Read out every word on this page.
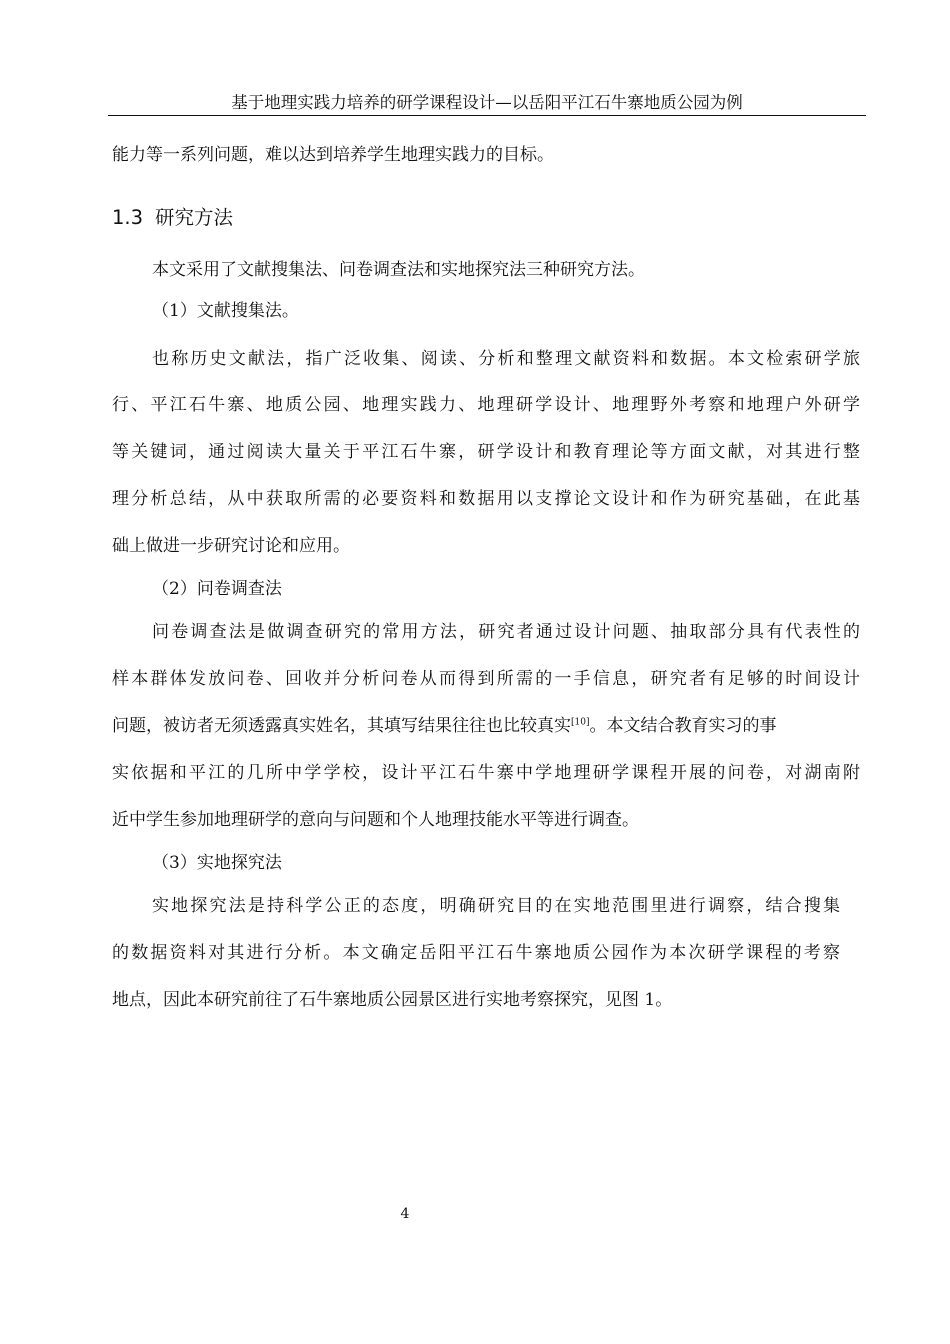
基于地理实践力培养的研学课程设计—以岳阳平江石牛寨地质公园为例
能力等一系列问题，难以达到培养学生地理实践力的目标。
1.3 研究方法
本文采用了文献搜集法、问卷调查法和实地探究法三种研究方法。
（1）文献搜集法。
也称历史文献法，指广泛收集、阅读、分析和整理文献资料和数据。本文检索研学旅
行、平江石牛寨、地质公园、地理实践力、地理研学设计、地理野外考察和地理户外研学
等关键词，通过阅读大量关于平江石牛寨，研学设计和教育理论等方面文献，对其进行整
理分析总结，从中获取所需的必要资料和数据用以支撑论文设计和作为研究基础，在此基
础上做进一步研究讨论和应用。
（2）问卷调查法
问卷调查法是做调查研究的常用方法，研究者通过设计问题、抽取部分具有代表性的
样本群体发放问卷、回收并分析问卷从而得到所需的一手信息，研究者有足够的时间设计
问题，被访者无须透露真实姓名，其填写结果往往也比较真实[10]。本文结合教育实习的事
实依据和平江的几所中学学校，设计平江石牛寨中学地理研学课程开展的问卷，对湖南附
近中学生参加地理研学的意向与问题和个人地理技能水平等进行调查。
（3）实地探究法
实地探究法是持科学公正的态度，明确研究目的在实地范围里进行调察，结合搜集
的数据资料对其进行分析。本文确定岳阳平江石牛寨地质公园作为本次研学课程的考察
地点，因此本研究前往了石牛寨地质公园景区进行实地考察探究，见图 1。
4
